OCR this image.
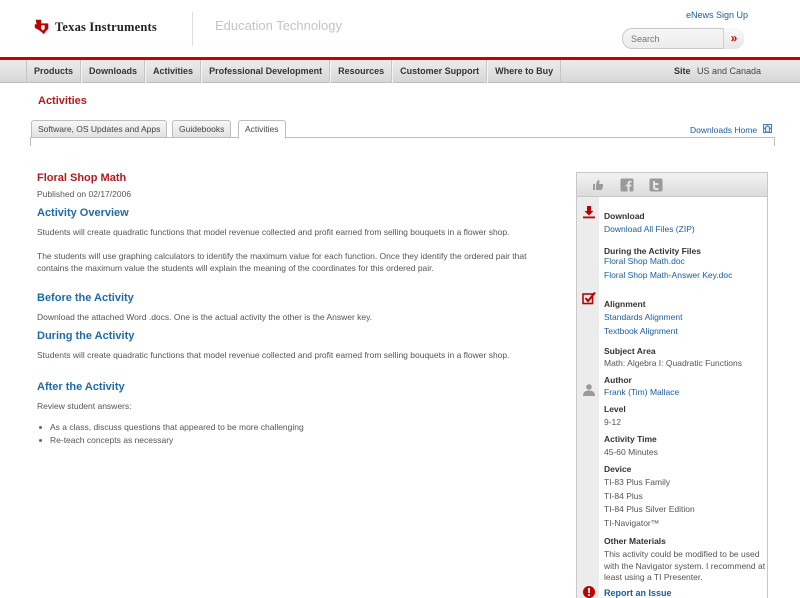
Texas Instruments	Education Technology
eNews Sign Up
Search
»
Products	Downloads	Activities	Professional Development	Resources	Customer Support	Where to Buy	Site US and Canada
Activities
Software, OS Updates and Apps	Guidebooks	Activities	Downloads Home
Floral Shop Math
Published on 02/17/2006
Activity Overview
Students will create quadratic functions that model revenue collected and profit earned from selling bouquets in a flower shop.
The students will use graphing calculators to identify the maximum value for each function. Once they identify the ordered pair that contains the maximum value the students will explain the meaning of the coordinates for this ordered pair.
Before the Activity
Download the attached Word .docs. One is the actual activity the other is the Answer key.
During the Activity
Students will create quadratic functions that model revenue collected and profit earned from selling bouquets in a flower shop.
After the Activity
Review student answers:
As a class, discuss questions that appeared to be more challenging
Re-teach concepts as necessary
Download
Download All Files (ZIP)
During the Activity Files
Floral Shop Math.doc
Floral Shop Math-Answer Key.doc
Alignment
Standards Alignment
Textbook Alignment
Subject Area
Math: Algebra I: Quadratic Functions
Author
Frank (Tim) Mallace
Level
9-12
Activity Time
45-60 Minutes
Device
TI-83 Plus Family
TI-84 Plus
TI-84 Plus Silver Edition
TI-Navigator™
Other Materials
This activity could be modified to be used with the Navigator system. I recommend at least using a TI Presenter.
Report an Issue
